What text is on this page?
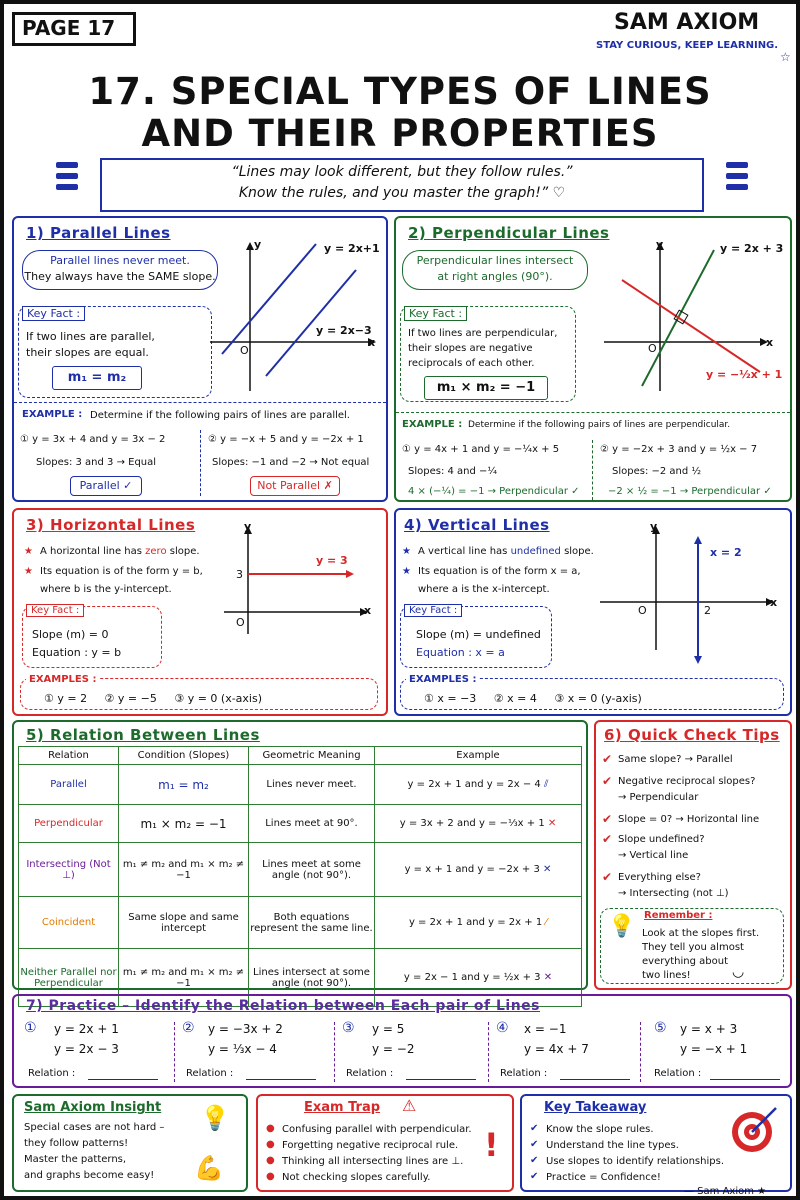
PAGE 17	SAM AXIOM
STAY CURIOUS, KEEP LEARNING.
☆
17. SPECIAL TYPES OF LINES
AND THEIR PROPERTIES
“Lines may look different, but they follow rules.”
Know the rules, and you master the graph!” ♡
1) Parallel Lines
Parallel lines never meet.
They always have the SAME slope.
Key Fact :
If two lines are parallel,
their slopes are equal.
m₁ = m₂
y
x
O
y = 2x+1
y = 2x−3
EXAMPLE : Determine if the following pairs of lines are parallel.
① y = 3x + 4 and y = 3x − 2
Slopes: 3 and 3 → Equal
Parallel ✓
② y = −x + 5 and y = −2x + 1
Slopes: −1 and −2 → Not equal
Not Parallel ✗
2) Perpendicular Lines
Perpendicular lines intersect
at right angles (90°).
Key Fact :
If two lines are perpendicular,
their slopes are negative
reciprocals of each other.
m₁ × m₂ = −1
y
x
O
y = 2x + 3
y = −½x + 1
EXAMPLE : Determine if the following pairs of lines are perpendicular.
① y = 4x + 1 and y = −¼x + 5
Slopes: 4 and −¼
4 × (−¼) = −1 → Perpendicular ✓
② y = −2x + 3 and y = ½x − 7
Slopes: −2 and ½
−2 × ½ = −1 → Perpendicular ✓
3) Horizontal Lines
★ A horizontal line has zero slope.
★ Its equation is of the form y = b,
where b is the y-intercept.
Key Fact :
Slope (m) = 0
Equation : y = b
y
x
O
3
y = 3
EXAMPLES :
① y = 2     ② y = −5     ③ y = 0 (x-axis)
4) Vertical Lines
★ A vertical line has undefined slope.
★ Its equation is of the form x = a,
where a is the x-intercept.
Key Fact :
Slope (m) = undefined
Equation : x = a
y
x
O	2
x = 2
EXAMPLES :
① x = −3     ② x = 4     ③ x = 0 (y-axis)
5) Relation Between Lines
Relation	Condition (Slopes)	Geometric Meaning	Example
Parallel	m₁ = m₂	Lines never meet.	y = 2x + 1 and y = 2x − 4 ⫽
Perpendicular	m₁ × m₂ = −1	Lines meet at 90°.	y = 3x + 2 and y = −⅓x + 1 ✕
Intersecting (Not ⊥)	m₁ ≠ m₂ and m₁ × m₂ ≠ −1	Lines meet at some angle (not 90°).	y = x + 1 and y = −2x + 3 ✕
Coincident	Same slope and same intercept	Both equations represent the same line.	y = 2x + 1 and y = 2x + 1 ⁄
Neither Parallel nor Perpendicular	m₁ ≠ m₂ and m₁ × m₂ ≠ −1	Lines intersect at some angle (not 90°).	y = 2x − 1 and y = ½x + 3 ✕
6) Quick Check Tips
✔ Same slope? → Parallel
✔ Negative reciprocal slopes?
→ Perpendicular
✔ Slope = 0? → Horizontal line
✔ Slope undefined?
→ Vertical line
✔ Everything else?
→ Intersecting (not ⊥)
💡 Remember :
Look at the slopes first.
They tell you almost
everything about
two lines!	◡
7) Practice – Identify the Relation between Each pair of Lines
① y = 2x + 1
y = 2x − 3
Relation :
② y = −3x + 2
y = ⅓x − 4
Relation :
③ y = 5
y = −2
Relation :
④ x = −1
y = 4x + 7
Relation :
⑤ y = x + 3
y = −x + 1
Relation :
Sam Axiom Insight
Special cases are not hard –
they follow patterns!
Master the patterns,
and graphs become easy!
💡
💪
Exam Trap ⚠
● Confusing parallel with perpendicular.
● Forgetting negative reciprocal rule.
● Thinking all intersecting lines are ⊥.
● Not checking slopes carefully.
!
Key Takeaway
✔ Know the slope rules.
✔ Understand the line types.
✔ Use slopes to identify relationships.
✔ Practice = Confidence!
— Sam Axiom ★
